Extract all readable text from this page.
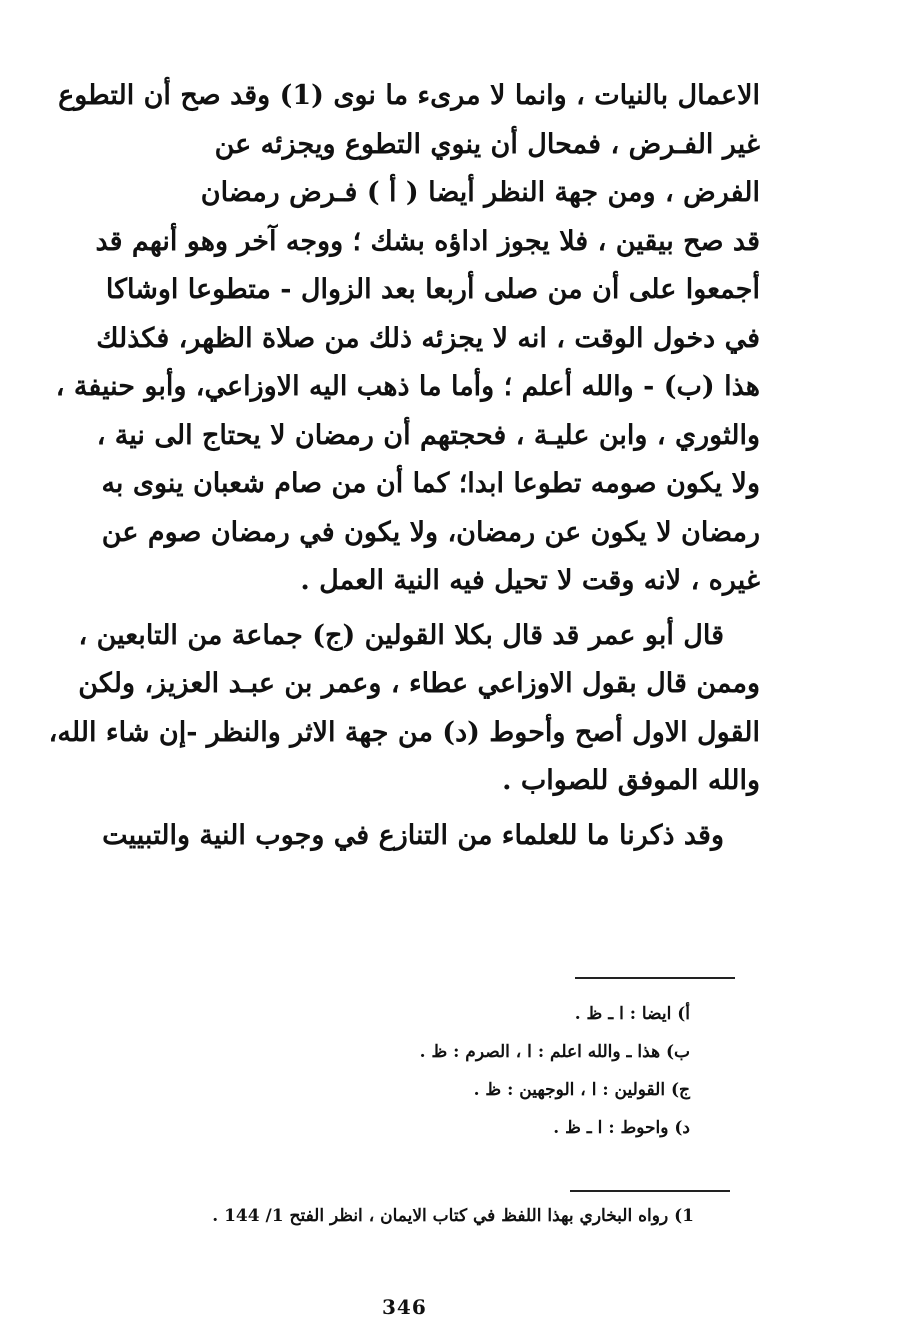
الاعمال بالنيات ، وانما لا مرىء ما نوى (1) وقد صح أن التطوع
غير الفـرض ، فمحال أن ينوي التطوع ويجزئه عن
الفرض ، ومن جهة النظر أيضا ( أ ) فـرض رمضان
قد صح بيقين ، فلا يجوز اداؤه بشك ؛ ووجه آخر وهو أنهم قد
أجمعوا على أن من صلى أربعا بعد الزوال - متطوعا اوشاكا
في دخول الوقت ، انه لا يجزئه ذلك من صلاة الظهر، فكذلك
هذا (ب) - والله أعلم ؛ وأما ما ذهب اليه الاوزاعي، وأبو حنيفة ،
والثوري ، وابن عليـة ، فحجتهم أن رمضان لا يحتاج الى نية ،
ولا يكون صومه تطوعا ابدا؛ كما أن من صام شعبان ينوى به
رمضان لا يكون عن رمضان، ولا يكون في رمضان صوم عن
غيره ، لانه وقت لا تحيل فيه النية العمل .

قال أبو عمر قد قال بكلا القولين (ج) جماعة من التابعين ،
وممن قال بقول الاوزاعي عطاء ، وعمر بن عبـد العزيز، ولكن
القول الاول أصح وأحوط (د) من جهة الاثر والنظر -إن شاء الله،
والله الموفق للصواب .

وقد ذكرنا ما للعلماء من التنازع في وجوب النية والتبييت

أ) ايضا : ا ـ ظ .
ب) هذا ـ والله اعلم : ا ، الصرم : ظ .
ج) القولين : ا ، الوجهين : ظ .
د) واحوط : ا ـ ظ .
1) رواه البخاري بهذا اللفظ في كتاب الايمان ، انظر الفتح 1/ 144 .
346
